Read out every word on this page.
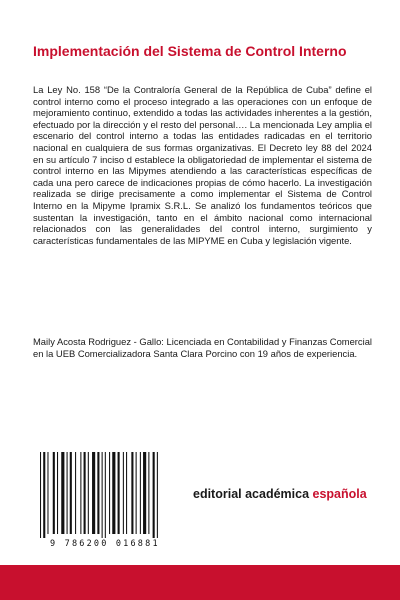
Implementación del Sistema de Control Interno

La Ley No. 158 “De la Contraloría General de la República de Cuba” define el control interno como el proceso integrado a las operaciones con un enfoque de mejoramiento continuo, extendido a todas las actividades inherentes a la gestión, efectuado por la dirección y el resto del personal…. La mencionada Ley amplia el escenario del control interno a todas las entidades radicadas en el territorio nacional en cualquiera de sus formas organizativas. El Decreto ley 88 del 2024 en su artículo 7 inciso d establece la obligatoriedad de implementar el sistema de control interno en las Mipymes atendiendo a las características específicas de cada una pero carece de indicaciones propias de cómo hacerlo. La investigación realizada se dirige precisamente a como implementar el Sistema de Control Interno en la Mipyme Ipramix S.R.L. Se analizó los fundamentos teóricos que sustentan la investigación, tanto en el ámbito nacional como internacional relacionados con las generalidades del control interno, surgimiento y características fundamentales de las MIPYME en Cuba y legislación vigente.

Maily Acosta Rodriguez - Gallo: Licenciada en Contabilidad y Finanzas Comercial en la UEB Comercializadora Santa Clara Porcino con 19 años de experiencia.

9 786200 016881
editorial académica española
